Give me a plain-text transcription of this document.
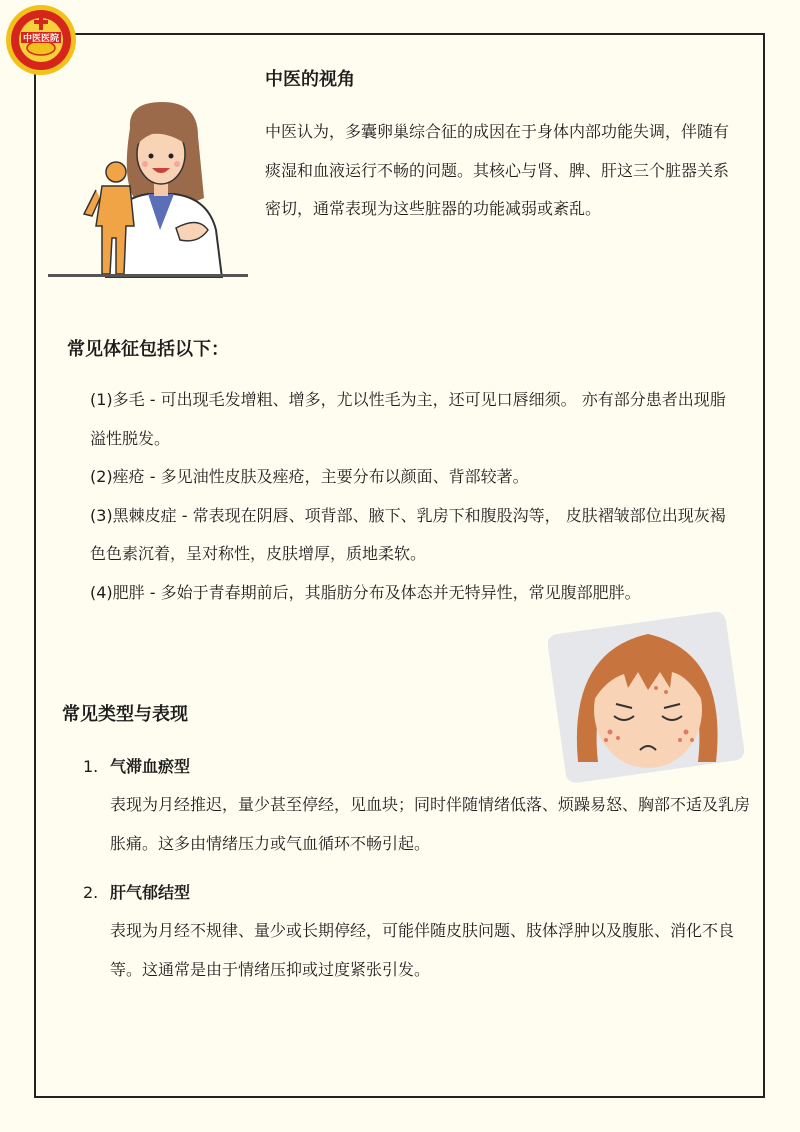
中医医院
中医的视角

中医认为，多囊卵巢综合征的成因在于身体内部功能失调，伴随有痰湿和血液运行不畅的问题。其核心与肾、脾、肝这三个脏器关系密切，通常表现为这些脏器的功能减弱或紊乱。

常见体征包括以下：

(1)多毛 - 可出现毛发增粗、增多，尤以性毛为主，还可见口唇细须。 亦有部分患者出现脂溢性脱发。

(2)痤疮 - 多见油性皮肤及痤疮，主要分布以颜面、背部较著。

(3)黑棘皮症 - 常表现在阴唇、项背部、腋下、乳房下和腹股沟等， 皮肤褶皱部位出现灰褐色色素沉着，呈对称性，皮肤增厚，质地柔软。

(4)肥胖 - 多始于青春期前后，其脂肪分布及体态并无特异性，常见腹部肥胖。

常见类型与表现

1. 气滞血瘀型

表现为月经推迟，量少甚至停经，见血块；同时伴随情绪低落、烦躁易怒、胸部不适及乳房胀痛。这多由情绪压力或气血循环不畅引起。

2. 肝气郁结型

表现为月经不规律、量少或长期停经，可能伴随皮肤问题、肢体浮肿以及腹胀、消化不良等。这通常是由于情绪压抑或过度紧张引发。
